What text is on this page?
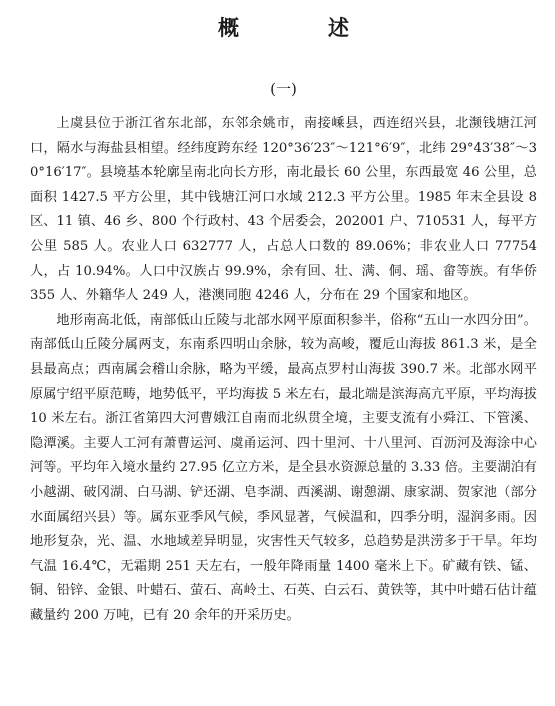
概　述
(一)

上虞县位于浙江省东北部，东邻余姚市，南接嵊县，西连绍兴县，北濒钱塘江河口，隔水与海盐县相望。经纬度跨东经 120°36′23″～121°6′9″，北纬 29°43′38″～30°16′17″。县境基本轮廓呈南北向长方形，南北最长 60 公里，东西最宽 46 公里，总面积 1427.5 平方公里，其中钱塘江河口水域 212.3 平方公里。1985 年末全县设 8 区、11 镇、46 乡、800 个行政村、43 个居委会，202001 户、710531 人，每平方公里 585 人。农业人口 632777 人，占总人口数的 89.06%；非农业人口 77754 人，占 10.94%。人口中汉族占 99.9%，余有回、壮、满、侗、瑶、畲等族。有华侨 355 人、外籍华人 249 人，港澳同胞 4246 人，分布在 29 个国家和地区。

地形南高北低，南部低山丘陵与北部水网平原面积参半，俗称“五山一水四分田”。南部低山丘陵分属两支，东南系四明山余脉，较为高峻，覆卮山海拔 861.3 米，是全县最高点；西南属会稽山余脉，略为平缓，最高点罗村山海拔 390.7 米。北部水网平原属宁绍平原范畴，地势低平，平均海拔 5 米左右，最北端是滨海高亢平原，平均海拔 10 米左右。浙江省第四大河曹娥江自南而北纵贯全境，主要支流有小舜江、下管溪、隐潭溪。主要人工河有萧曹运河、虞甬运河、四十里河、十八里河、百沥河及海涂中心河等。平均年入境水量约 27.95 亿立方米，是全县水资源总量的 3.33 倍。主要湖泊有小越湖、破冈湖、白马湖、铲还湖、皂李湖、西溪湖、谢憩湖、康家湖、贺家池（部分水面属绍兴县）等。属东亚季风气候，季风显著，气候温和，四季分明，湿润多雨。因地形复杂，光、温、水地域差异明显，灾害性天气较多，总趋势是洪涝多于干旱。年均气温 16.4℃，无霜期 251 天左右，一般年降雨量 1400 毫米上下。矿藏有铁、锰、铜、铅锌、金银、叶蜡石、萤石、高岭土、石英、白云石、黄铁等，其中叶蜡石估计蕴藏量约 200 万吨，已有 20 余年的开采历史。
